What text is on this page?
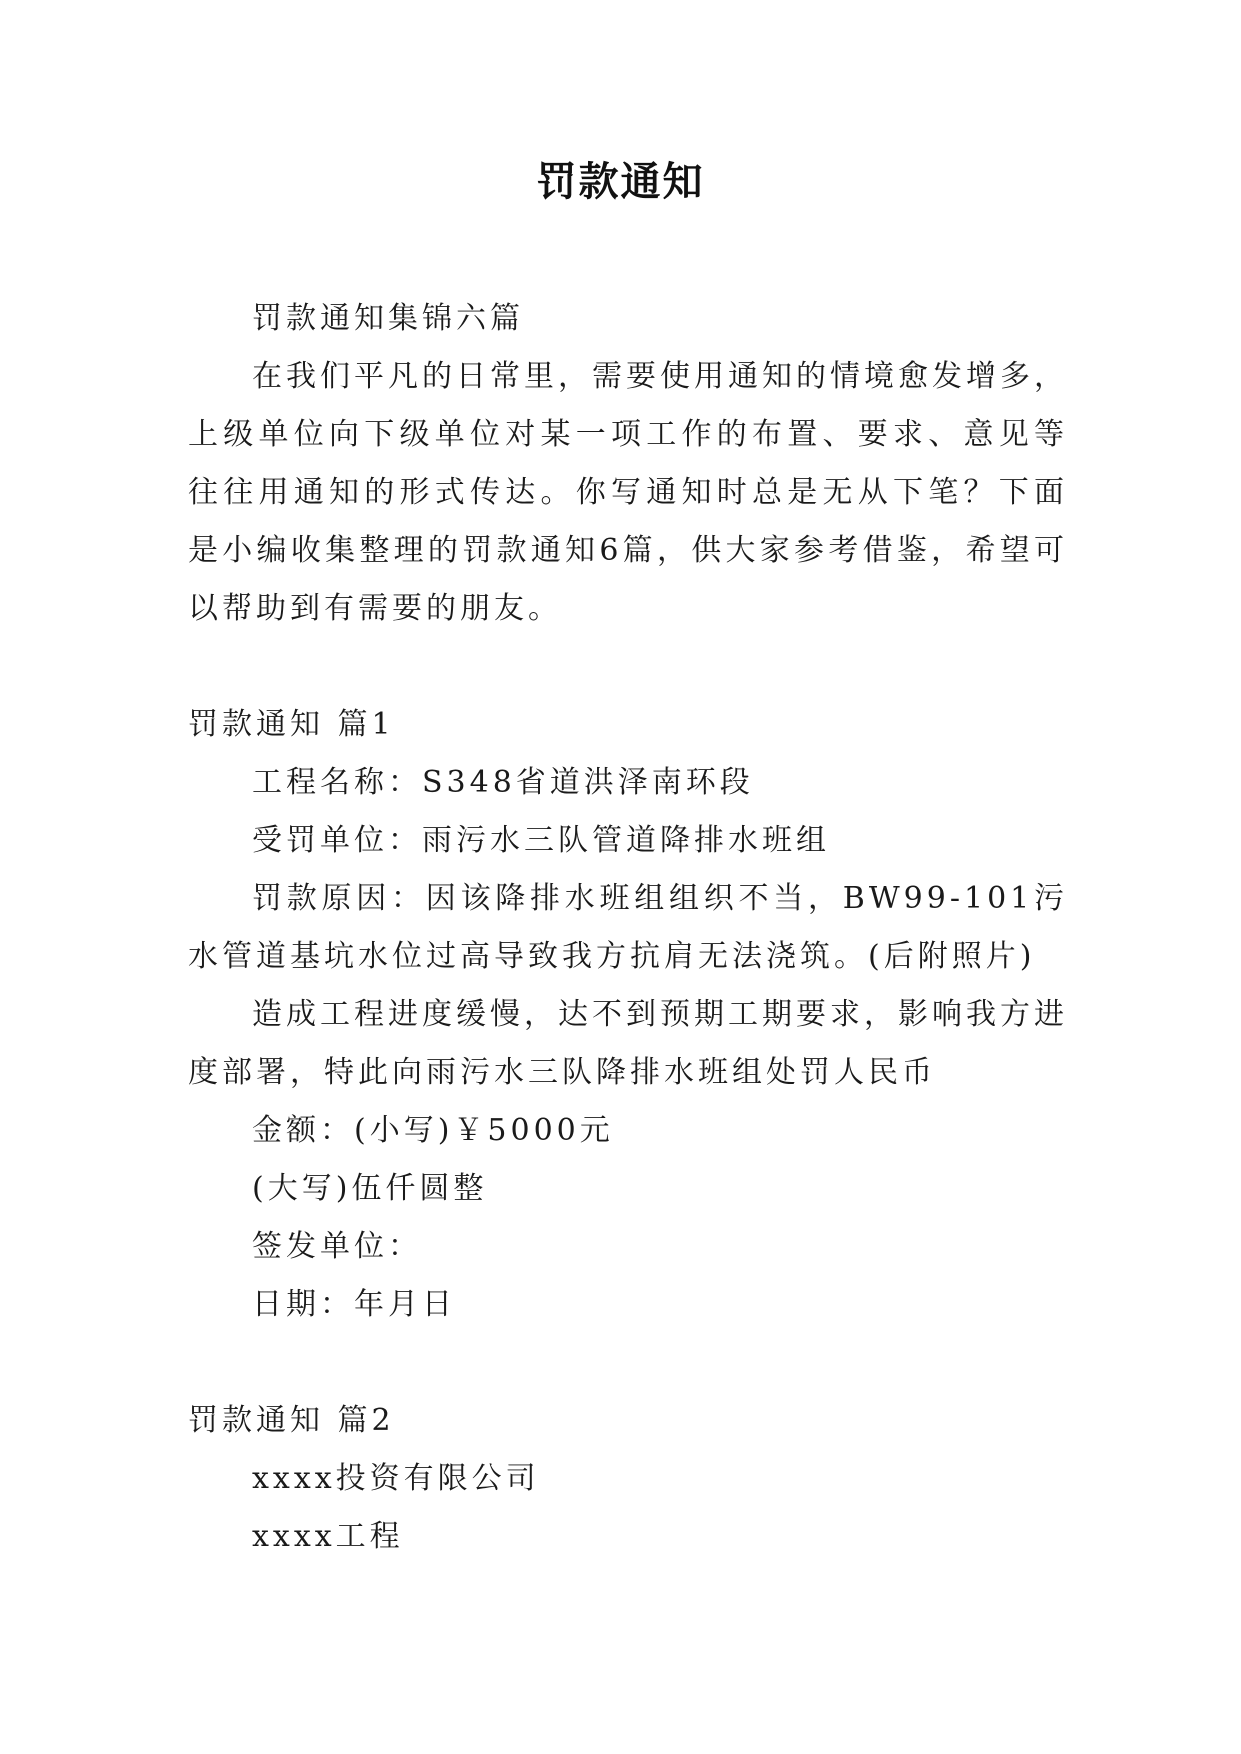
罚款通知

罚款通知集锦六篇

在我们平凡的日常里，需要使用通知的情境愈发增多，上级单位向下级单位对某一项工作的布置、要求、意见等往往用通知的形式传达。你写通知时总是无从下笔？下面是小编收集整理的罚款通知6篇，供大家参考借鉴，希望可以帮助到有需要的朋友。

罚款通知 篇1

工程名称：S348省道洪泽南环段

受罚单位：雨污水三队管道降排水班组

罚款原因：因该降排水班组组织不当，BW99-101污水管道基坑水位过高导致我方抗肩无法浇筑。(后附照片)

造成工程进度缓慢，达不到预期工期要求，影响我方进度部署，特此向雨污水三队降排水班组处罚人民币

金额：(小写)￥5000元

(大写)伍仟圆整

签发单位：

日期：年月日

罚款通知 篇2

xxxx投资有限公司

xxxx工程
